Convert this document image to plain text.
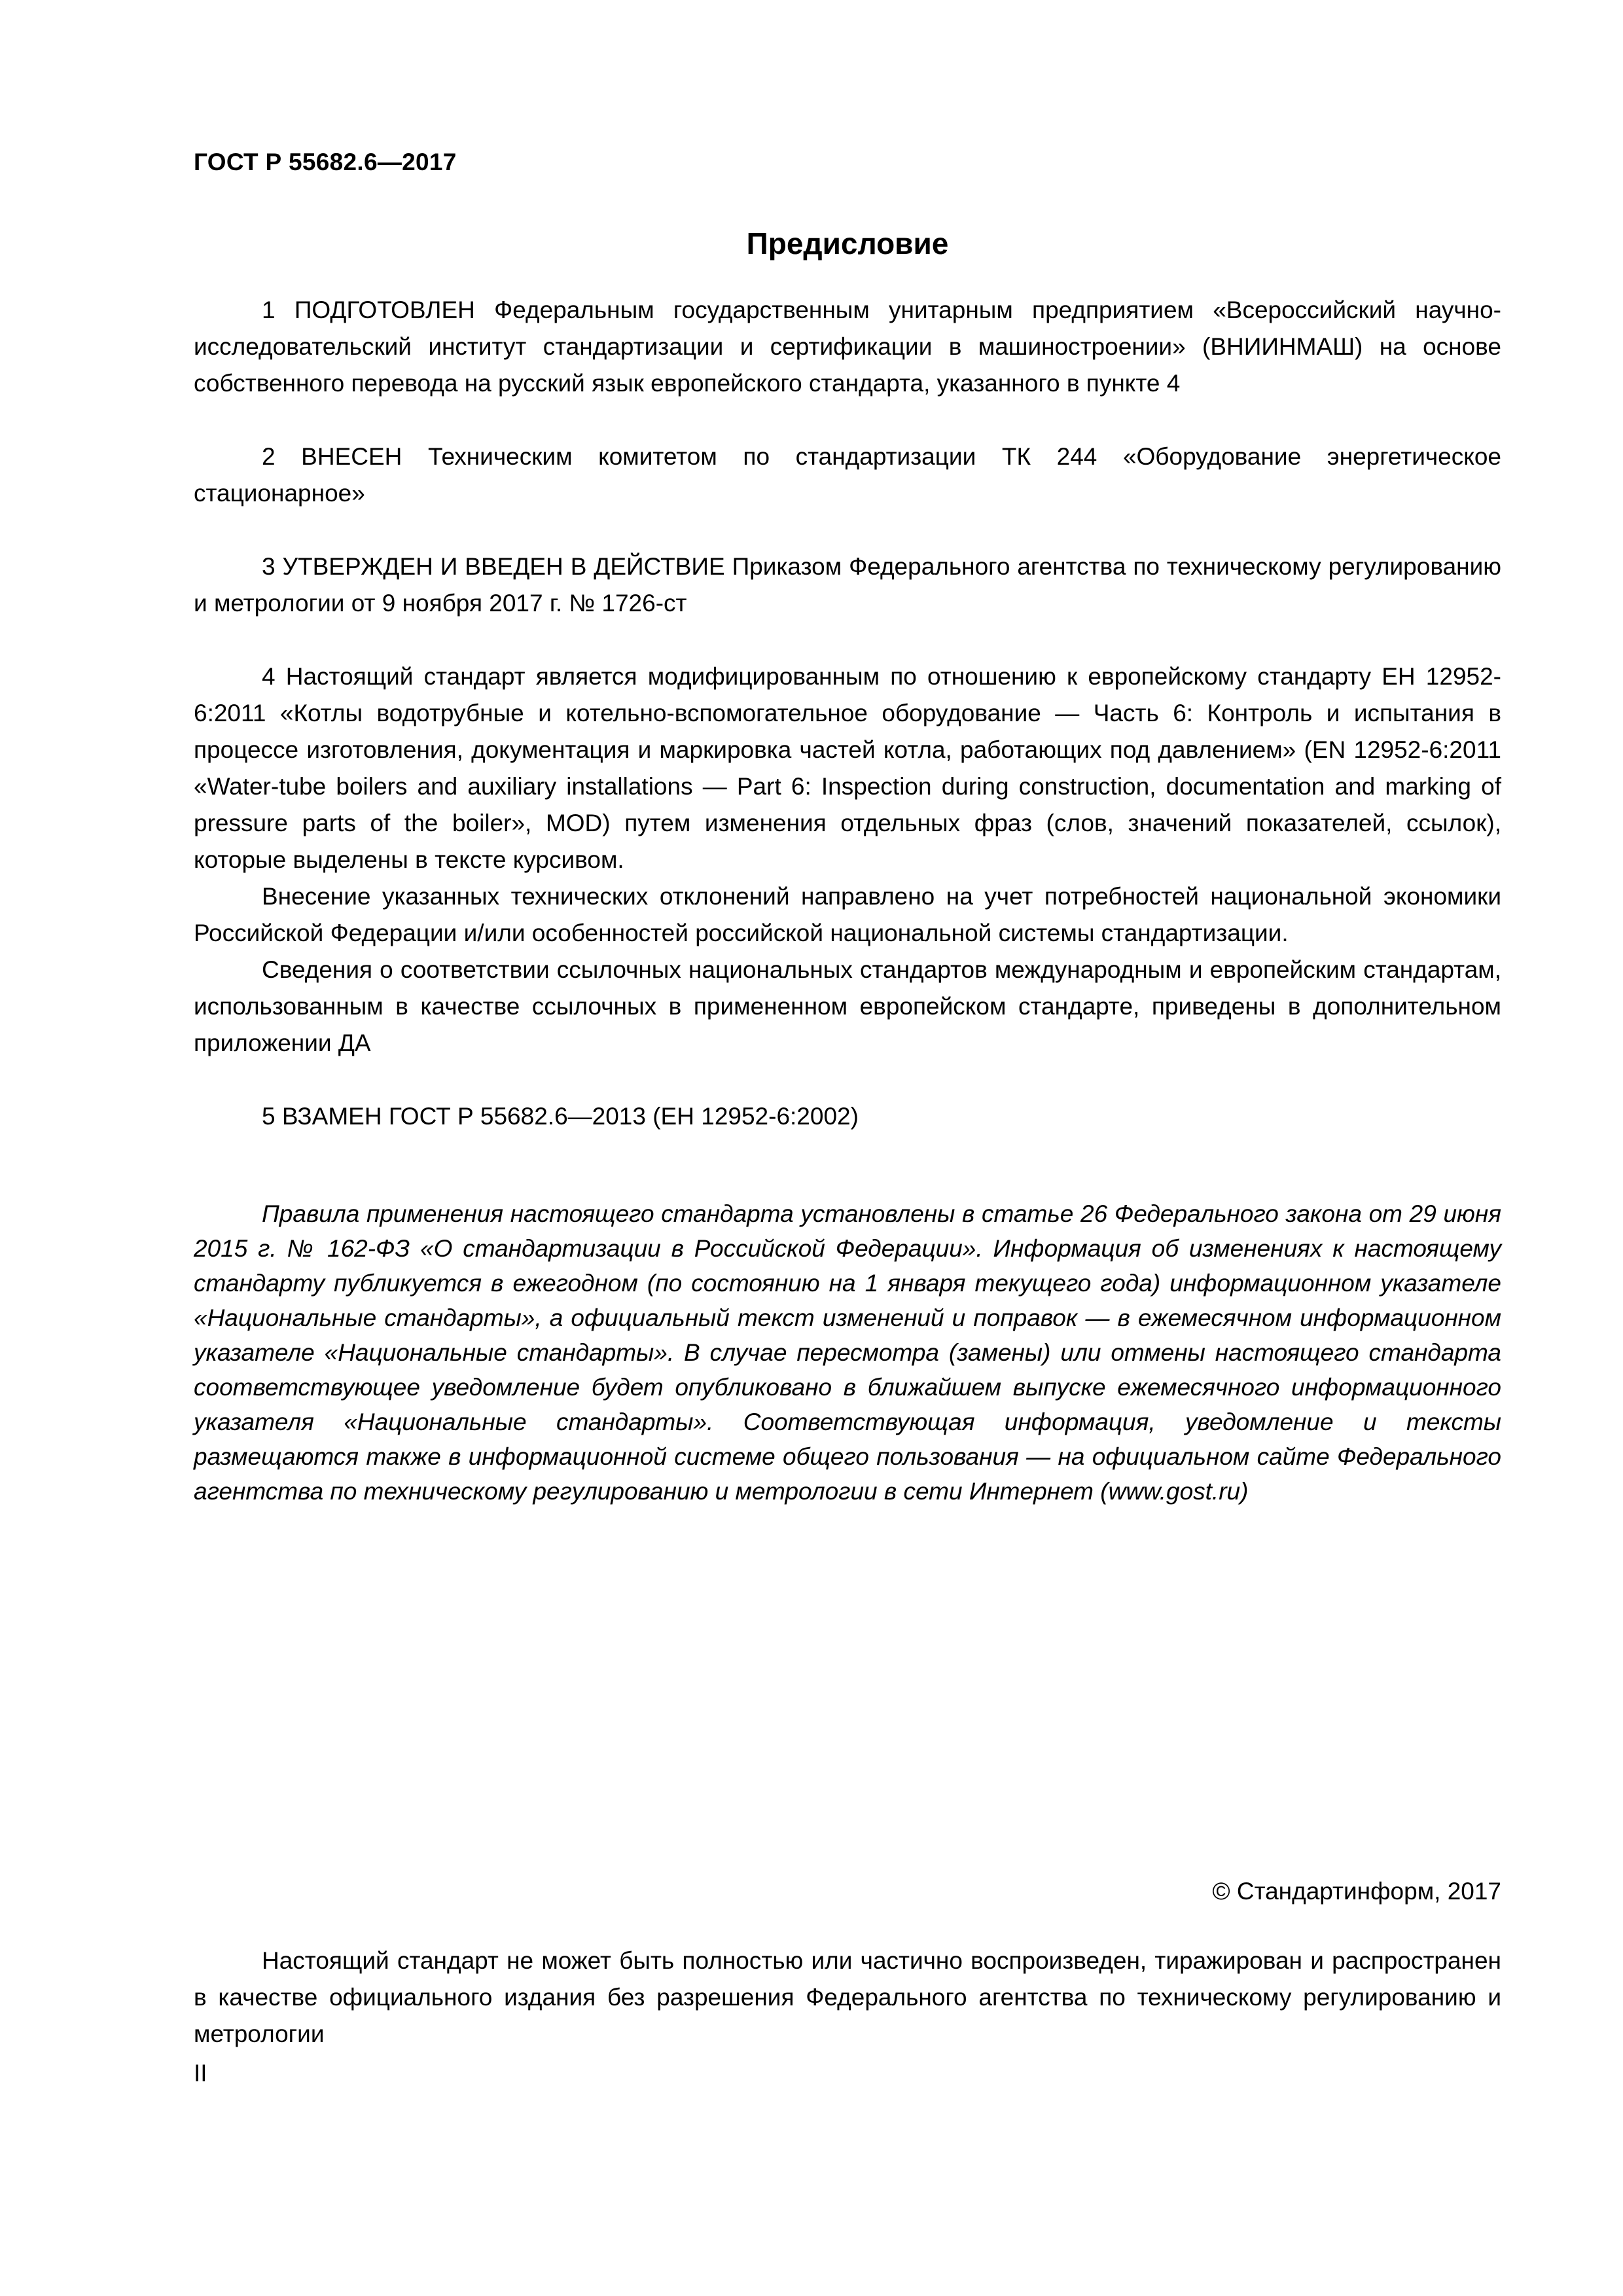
ГОСТ Р 55682.6—2017
Предисловие

1 ПОДГОТОВЛЕН Федеральным государственным унитарным предприятием «Всероссийский научно-исследовательский институт стандартизации и сертификации в машиностроении» (ВНИИНМАШ) на основе собственного перевода на русский язык европейского стандарта, указанного в пункте 4

2 ВНЕСЕН Техническим комитетом по стандартизации ТК 244 «Оборудование энергетическое стационарное»

3 УТВЕРЖДЕН И ВВЕДЕН В ДЕЙСТВИЕ Приказом Федерального агентства по техническому регулированию и метрологии от 9 ноября 2017 г. № 1726-ст

4 Настоящий стандарт является модифицированным по отношению к европейскому стандарту ЕН 12952-6:2011 «Котлы водотрубные и котельно-вспомогательное оборудование — Часть 6: Контроль и испытания в процессе изготовления, документация и маркировка частей котла, работающих под давлением» (EN 12952-6:2011 «Water-tube boilers and auxiliary installations — Part 6: Inspection during construction, documentation and marking of pressure parts of the boiler», MOD) путем изменения отдельных фраз (слов, значений показателей, ссылок), которые выделены в тексте курсивом.

Внесение указанных технических отклонений направлено на учет потребностей национальной экономики Российской Федерации и/или особенностей российской национальной системы стандартизации.

Сведения о соответствии ссылочных национальных стандартов международным и европейским стандартам, использованным в качестве ссылочных в примененном европейском стандарте, приведены в дополнительном приложении ДА

5 ВЗАМЕН ГОСТ Р 55682.6—2013 (ЕН 12952-6:2002)

Правила применения настоящего стандарта установлены в статье 26 Федерального закона от 29 июня 2015 г. № 162-ФЗ «О стандартизации в Российской Федерации». Информация об изменениях к настоящему стандарту публикуется в ежегодном (по состоянию на 1 января текущего года) информационном указателе «Национальные стандарты», а официальный текст изменений и поправок — в ежемесячном информационном указателе «Национальные стандарты». В случае пересмотра (замены) или отмены настоящего стандарта соответствующее уведомление будет опубликовано в ближайшем выпуске ежемесячного информационного указателя «Национальные стандарты». Соответствующая информация, уведомление и тексты размещаются также в информационной системе общего пользования — на официальном сайте Федерального агентства по техническому регулированию и метрологии в сети Интернет (www.gost.ru)

© Стандартинформ, 2017

Настоящий стандарт не может быть полностью или частично воспроизведен, тиражирован и распространен в качестве официального издания без разрешения Федерального агентства по техническому регулированию и метрологии

II
